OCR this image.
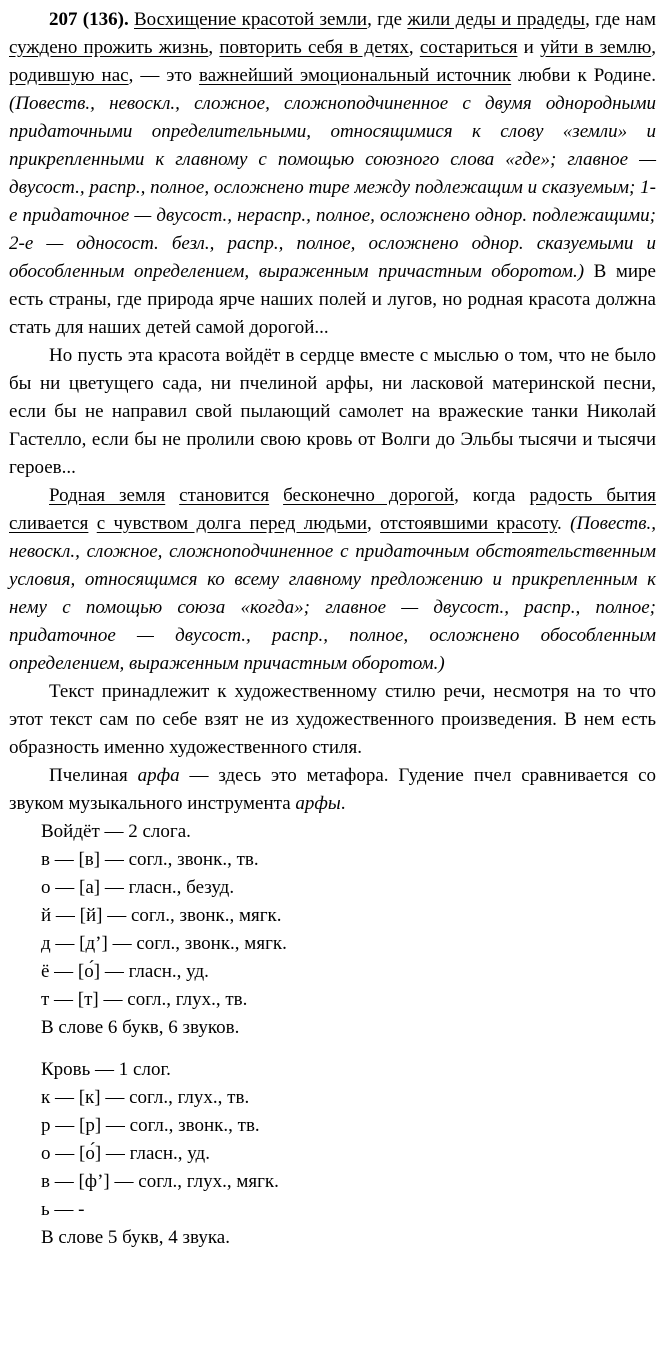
207 (136). Восхищение красотой земли, где жили деды и прадеды, где нам суждено прожить жизнь, повторить себя в детях, состариться и уйти в землю, родившую нас, — это важнейший эмоциональный источник любви к Родине. (Повеств., невоскл., сложное, сложноподчиненное с двумя однородными придаточными определительными, относящимися к слову «земли» и прикрепленными к главному с помощью союзного слова «где»; главное — двусост., распр., полное, осложнено тире между подлежащим и сказуемым; 1-е придаточное — двусост., нераспр., полное, осложнено однор. подлежащими; 2-е — односост. безл., распр., полное, осложнено однор. сказуемыми и обособленным определением, выраженным причастным оборотом.) В мире есть страны, где природа ярче наших полей и лугов, но родная красота должна стать для наших детей самой дорогой...

Но пусть эта красота войдёт в сердце вместе с мыслью о том, что не было бы ни цветущего сада, ни пчелиной арфы, ни ласковой материнской песни, если бы не направил свой пылающий самолет на вражеские танки Николай Гастелло, если бы не пролили свою кровь от Волги до Эльбы тысячи и тысячи героев...

Родная земля становится бесконечно дорогой, когда радость бытия сливается с чувством долга перед людьми, отстоявшими красоту. (Повеств., невоскл., сложное, сложноподчиненное с придаточным обстоятельственным условия, относящимся ко всему главному предложению и прикрепленным к нему с помощью союза «когда»; главное — двусост., распр., полное; придаточное — двусост., распр., полное, осложнено обособленным определением, выраженным причастным оборотом.)

Текст принадлежит к художественному стилю речи, несмотря на то что этот текст сам по себе взят не из художественного произведения. В нем есть образность именно художественного стиля.

Пчелиная арфа — здесь это метафора. Гудение пчел сравнивается со звуком музыкального инструмента арфы.

Войдёт — 2 слога.

в — [в] — согл., звонк., тв.

о — [а] — гласн., безуд.

й — [й] — согл., звонк., мягк.

д — [д’] — согл., звонк., мягк.

ё — [о́] — гласн., уд.

т — [т] — согл., глух., тв.

В слове 6 букв, 6 звуков.

Кровь — 1 слог.

к — [к] — согл., глух., тв.

р — [р] — согл., звонк., тв.

о — [о́] — гласн., уд.

в — [ф’] — согл., глух., мягк.

ь — -

В слове 5 букв, 4 звука.
